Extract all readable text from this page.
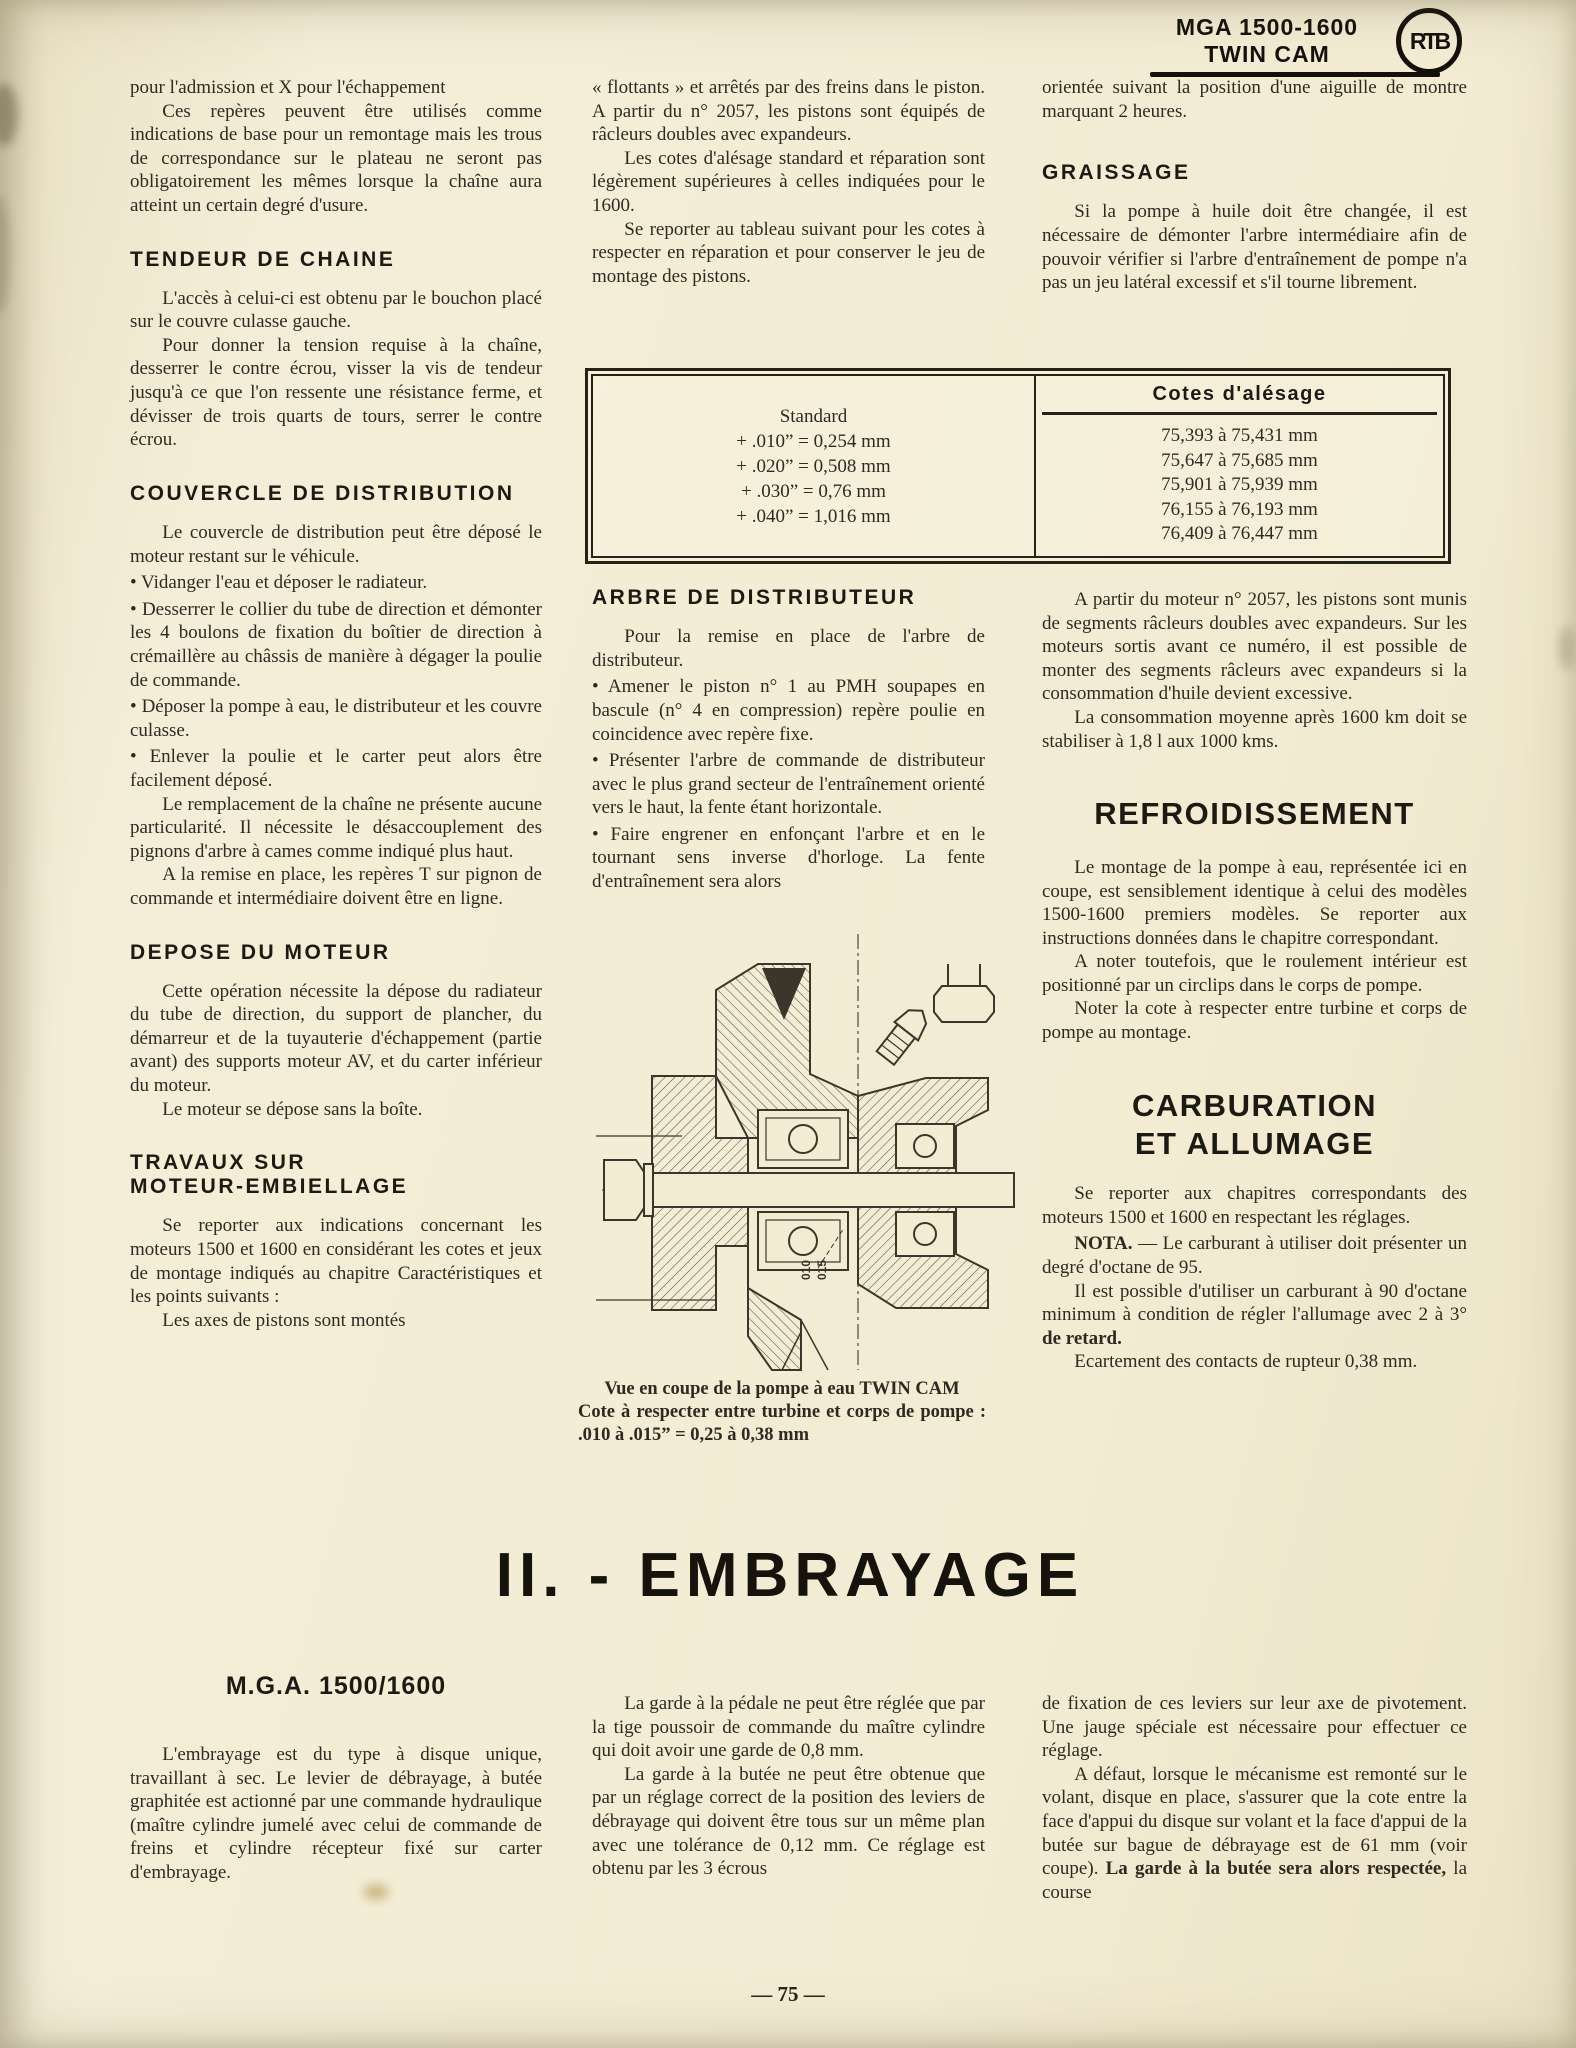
MGA 1500-1600
TWIN CAM
RTB

pour l'admission et X pour l'échappement

Ces repères peuvent être utilisés comme indications de base pour un remontage mais les trous de correspondance sur le plateau ne seront pas obligatoirement les mêmes lorsque la chaîne aura atteint un certain degré d'usure.

TENDEUR DE CHAINE

L'accès à celui-ci est obtenu par le bouchon placé sur le couvre culasse gauche.

Pour donner la tension requise à la chaîne, desserrer le contre écrou, visser la vis de tendeur jusqu'à ce que l'on ressente une résistance ferme, et dévisser de trois quarts de tours, serrer le contre écrou.

COUVERCLE DE DISTRIBUTION

Le couvercle de distribution peut être déposé le moteur restant sur le véhicule.

• Vidanger l'eau et déposer le radiateur.

• Desserrer le collier du tube de direction et démonter les 4 boulons de fixation du boîtier de direction à crémaillère au châssis de manière à dégager la poulie de commande.

• Déposer la pompe à eau, le distributeur et les couvre culasse.

• Enlever la poulie et le carter peut alors être facilement déposé.

Le remplacement de la chaîne ne présente aucune particularité. Il nécessite le désaccouplement des pignons d'arbre à cames comme indiqué plus haut.

A la remise en place, les repères T sur pignon de commande et intermédiaire doivent être en ligne.

DEPOSE DU MOTEUR

Cette opération nécessite la dépose du radiateur du tube de direction, du support de plancher, du démarreur et de la tuyauterie d'échappement (partie avant) des supports moteur AV, et du carter inférieur du moteur.

Le moteur se dépose sans la boîte.

TRAVAUX SUR
MOTEUR-EMBIELLAGE

Se reporter aux indications concernant les moteurs 1500 et 1600 en considérant les cotes et jeux de montage indiqués au chapitre Caractéristiques et les points suivants :

Les axes de pistons sont montés

« flottants » et arrêtés par des freins dans le piston. A partir du n° 2057, les pistons sont équipés de râcleurs doubles avec expandeurs.

Les cotes d'alésage standard et réparation sont légèrement supérieures à celles indiquées pour le 1600.

Se reporter au tableau suivant pour les cotes à respecter en réparation et pour conserver le jeu de montage des pistons.

orientée suivant la position d'une aiguille de montre marquant 2 heures.

GRAISSAGE

Si la pompe à huile doit être changée, il est nécessaire de démonter l'arbre intermédiaire afin de pouvoir vérifier si l'arbre d'entraînement de pompe n'a pas un jeu latéral excessif et s'il tourne librement.

Standard
+ .010” = 0,254 mm
+ .020” = 0,508 mm
+ .030” = 0,76 mm
+ .040” = 1,016 mm
Cotes d'alésage
75,393 à 75,431 mm
75,647 à 75,685 mm
75,901 à 75,939 mm
76,155 à 76,193 mm
76,409 à 76,447 mm
ARBRE DE DISTRIBUTEUR

Pour la remise en place de l'arbre de distributeur.

• Amener le piston n° 1 au PMH soupapes en bascule (n° 4 en compression) repère poulie en coincidence avec repère fixe.

• Présenter l'arbre de commande de distributeur avec le plus grand secteur de l'entraînement orienté vers le haut, la fente étant horizontale.

• Faire engrener en enfonçant l'arbre et en le tournant sens inverse d'horloge. La fente d'entraînement sera alors

010 015

Vue en coupe de la pompe à eau TWIN CAM

Cote à respecter entre turbine et corps de pompe : .010 à .015” = 0,25 à 0,38 mm

A partir du moteur n° 2057, les pistons sont munis de segments râcleurs doubles avec expandeurs. Sur les moteurs sortis avant ce numéro, il est possible de monter des segments râcleurs avec expandeurs si la consommation d'huile devient excessive.

La consommation moyenne après 1600 km doit se stabiliser à 1,8 l aux 1000 kms.

REFROIDISSEMENT

Le montage de la pompe à eau, représentée ici en coupe, est sensiblement identique à celui des modèles 1500-1600 premiers modèles. Se reporter aux instructions données dans le chapitre correspondant.

A noter toutefois, que le roulement intérieur est positionné par un circlips dans le corps de pompe.

Noter la cote à respecter entre turbine et corps de pompe au montage.

CARBURATION
ET ALLUMAGE

Se reporter aux chapitres correspondants des moteurs 1500 et 1600 en respectant les réglages.

NOTA. — Le carburant à utiliser doit présenter un degré d'octane de 95.

Il est possible d'utiliser un carburant à 90 d'octane minimum à condition de régler l'allumage avec 2 à 3° de retard.

Ecartement des contacts de rupteur 0,38 mm.

II. - EMBRAYAGE
M.G.A. 1500/1600

L'embrayage est du type à disque unique, travaillant à sec. Le levier de débrayage, à butée graphitée est actionné par une commande hydraulique (maître cylindre jumelé avec celui de commande de freins et cylindre récepteur fixé sur carter d'embrayage.

La garde à la pédale ne peut être réglée que par la tige poussoir de commande du maître cylindre qui doit avoir une garde de 0,8 mm.

La garde à la butée ne peut être obtenue que par un réglage correct de la position des leviers de débrayage qui doivent être tous sur un même plan avec une tolérance de 0,12 mm. Ce réglage est obtenu par les 3 écrous

de fixation de ces leviers sur leur axe de pivotement. Une jauge spéciale est nécessaire pour effectuer ce réglage.

A défaut, lorsque le mécanisme est remonté sur le volant, disque en place, s'assurer que la cote entre la face d'appui du disque sur volant et la face d'appui de la butée sur bague de débrayage est de 61 mm (voir coupe). La garde à la butée sera alors respectée, la course

— 75 —
